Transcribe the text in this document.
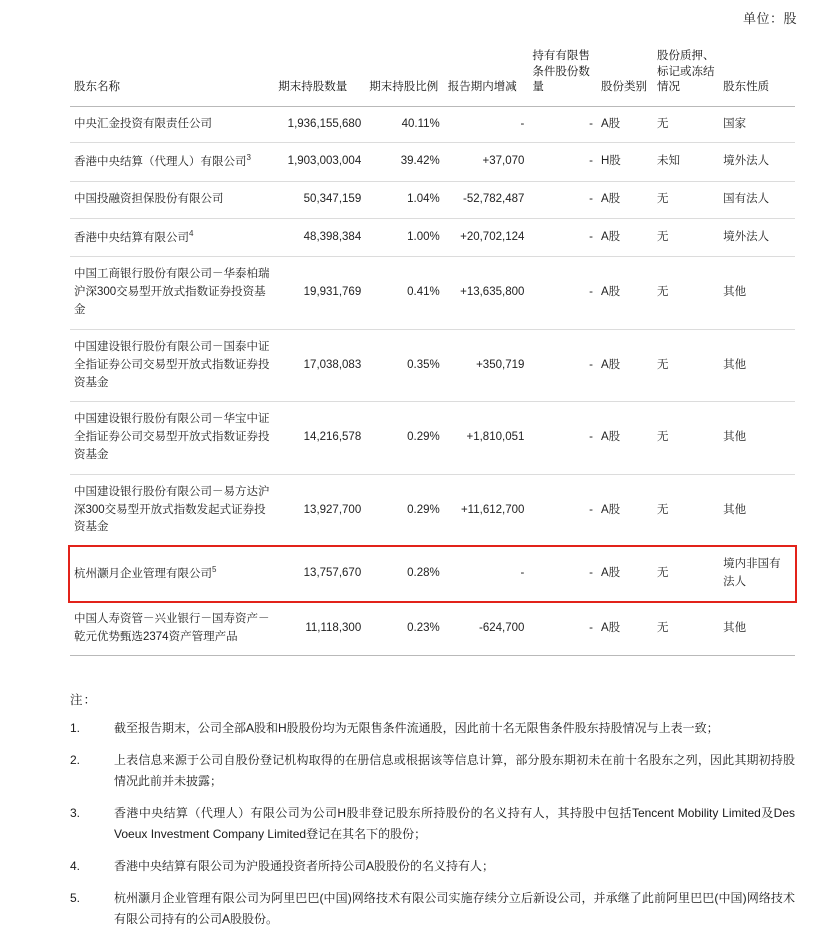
单位：股
股东名称	期末持股数量	期末持股比例	报告期内增减	持有有限售条件股份数量	股份类别	股份质押、标记或冻结情况	股东性质
中央汇金投资有限责任公司	1,936,155,680	40.11%	-	-	A股	无	国家
香港中央结算（代理人）有限公司$^3$	1,903,003,004	39.42%	+37,070	-	H股	未知	境外法人
中国投融资担保股份有限公司	50,347,159	1.04%	-52,782,487	-	A股	无	国有法人
香港中央结算有限公司$^4$	48,398,384	1.00%	+20,702,124	-	A股	无	境外法人
中国工商银行股份有限公司－华泰柏瑞沪深300交易型开放式指数证券投资基金	19,931,769	0.41%	+13,635,800	-	A股	无	其他
中国建设银行股份有限公司－国泰中证全指证券公司交易型开放式指数证券投资基金	17,038,083	0.35%	+350,719	-	A股	无	其他
中国建设银行股份有限公司－华宝中证全指证券公司交易型开放式指数证券投资基金	14,216,578	0.29%	+1,810,051	-	A股	无	其他
中国建设银行股份有限公司－易方达沪深300交易型开放式指数发起式证券投资基金	13,927,700	0.29%	+11,612,700	-	A股	无	其他
杭州灏月企业管理有限公司$^5$	13,757,670	0.28%	-	-	A股	无	境内非国有法人
中国人寿资管－兴业银行－国寿资产－乾元优势甄选2374资产管理产品	11,118,300	0.23%	-624,700	-	A股	无	其他
注：
1.	截至报告期末，公司全部A股和H股股份均为无限售条件流通股，因此前十名无限售条件股东持股情况与上表一致；
2.	上表信息来源于公司自股份登记机构取得的在册信息或根据该等信息计算，部分股东期初未在前十名股东之列，因此其期初持股情况此前并未披露；
3.	香港中央结算（代理人）有限公司为公司H股非登记股东所持股份的名义持有人，其持股中包括Tencent Mobility Limited及Des Voeux Investment Company Limited登记在其名下的股份；
4.	香港中央结算有限公司为沪股通投资者所持公司A股股份的名义持有人；
5.	杭州灏月企业管理有限公司为阿里巴巴(中国)网络技术有限公司实施存续分立后新设公司，并承继了此前阿里巴巴(中国)网络技术有限公司持有的公司A股股份。
